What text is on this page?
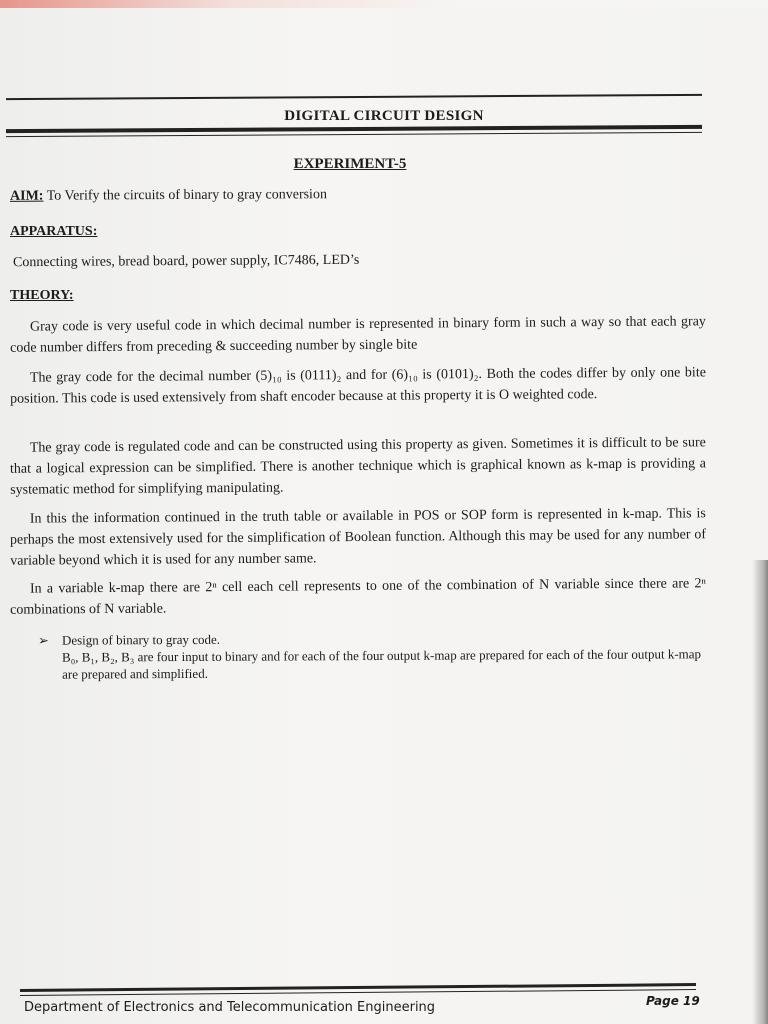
DIGITAL CIRCUIT DESIGN
EXPERIMENT-5
AIM: To Verify the circuits of binary to gray conversion
APPARATUS:
Connecting wires, bread board, power supply, IC7486, LED’s
THEORY:
Gray code is very useful code in which decimal number is represented in binary form in such a way so that each gray code number differs from preceding & succeeding number by single bite
The gray code for the decimal number (5)₁₀ is (0111)₂ and for (6)₁₀ is (0101)₂. Both the codes differ by only one bite position. This code is used extensively from shaft encoder because at this property it is O weighted code.
The gray code is regulated code and can be constructed using this property as given. Sometimes it is difficult to be sure that a logical expression can be simplified. There is another technique which is graphical known as k-map is providing a systematic method for simplifying manipulating.
In this the information continued in the truth table or available in POS or SOP form is represented in k-map. This is perhaps the most extensively used for the simplification of Boolean function. Although this may be used for any number of variable beyond which it is used for any number same.
In a variable k-map there are 2ⁿ cell each cell represents to one of the combination of N variable since there are 2ⁿ combinations of N variable.
➢ Design of binary to gray code.
B₀, B₁, B₂, B₃ are four input to binary and for each of the four output k-map are prepared for each of the four output k-map are prepared and simplified.
Department of Electronics and Telecommunication Engineering	Page 19
